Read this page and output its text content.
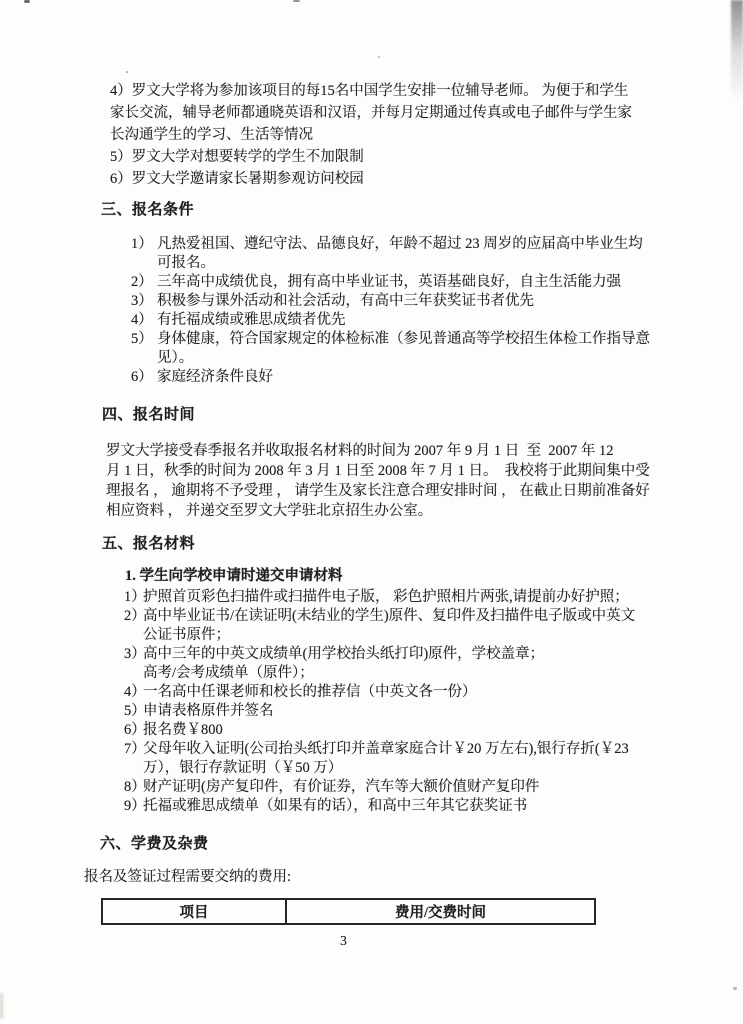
4）罗文大学将为参加该项目的每15名中国学生安排一位辅导老师。 为便于和学生
家长交流，辅导老师都通晓英语和汉语，并每月定期通过传真或电子邮件与学生家
长沟通学生的学习、生活等情况
5）罗文大学对想要转学的学生不加限制
6）罗文大学邀请家长暑期参观访问校园
三、报名条件
1） 凡热爱祖国、遵纪守法、品德良好，年龄不超过 23 周岁的应届高中毕业生均
可报名。
2） 三年高中成绩优良，拥有高中毕业证书，英语基础良好，自主生活能力强
3） 积极参与课外活动和社会活动，有高中三年获奖证书者优先
4） 有托福成绩或雅思成绩者优先
5） 身体健康，符合国家规定的体检标准（参见普通高等学校招生体检工作指导意
见）。
6） 家庭经济条件良好
四、报名时间
罗文大学接受春季报名并收取报名材料的时间为 2007 年 9 月 1 日  至  2007 年 12
月 1 日，秋季的时间为 2008 年 3 月 1 日至 2008 年 7 月 1 日。  我校将于此期间集中受
理报名 ， 逾期将不予受理 ， 请学生及家长注意合理安排时间 ， 在截止日期前准备好
相应资料 ， 并递交至罗文大学驻北京招生办公室。
五、报名材料
1. 学生向学校申请时递交申请材料
1）护照首页彩色扫描件或扫描件电子版， 彩色护照相片两张,请提前办好护照；
2）高中毕业证书/在读证明(未结业的学生)原件、复印件及扫描件电子版或中英文
公证书原件；
3）高中三年的中英文成绩单(用学校抬头纸打印)原件，学校盖章；
高考/会考成绩单（原件）；
4）一名高中任课老师和校长的推荐信（中英文各一份）
5）申请表格原件并签名
6）报名费￥800
7）父母年收入证明(公司抬头纸打印并盖章家庭合计￥20 万左右),银行存折(￥23
万），银行存款证明（￥50 万）
8）财产证明(房产复印件，有价证券，汽车等大额价值财产复印件
9）托福或雅思成绩单（如果有的话），和高中三年其它获奖证书
六、学费及杂费
报名及签证过程需要交纳的费用:
项目	费用/交费时间
3
